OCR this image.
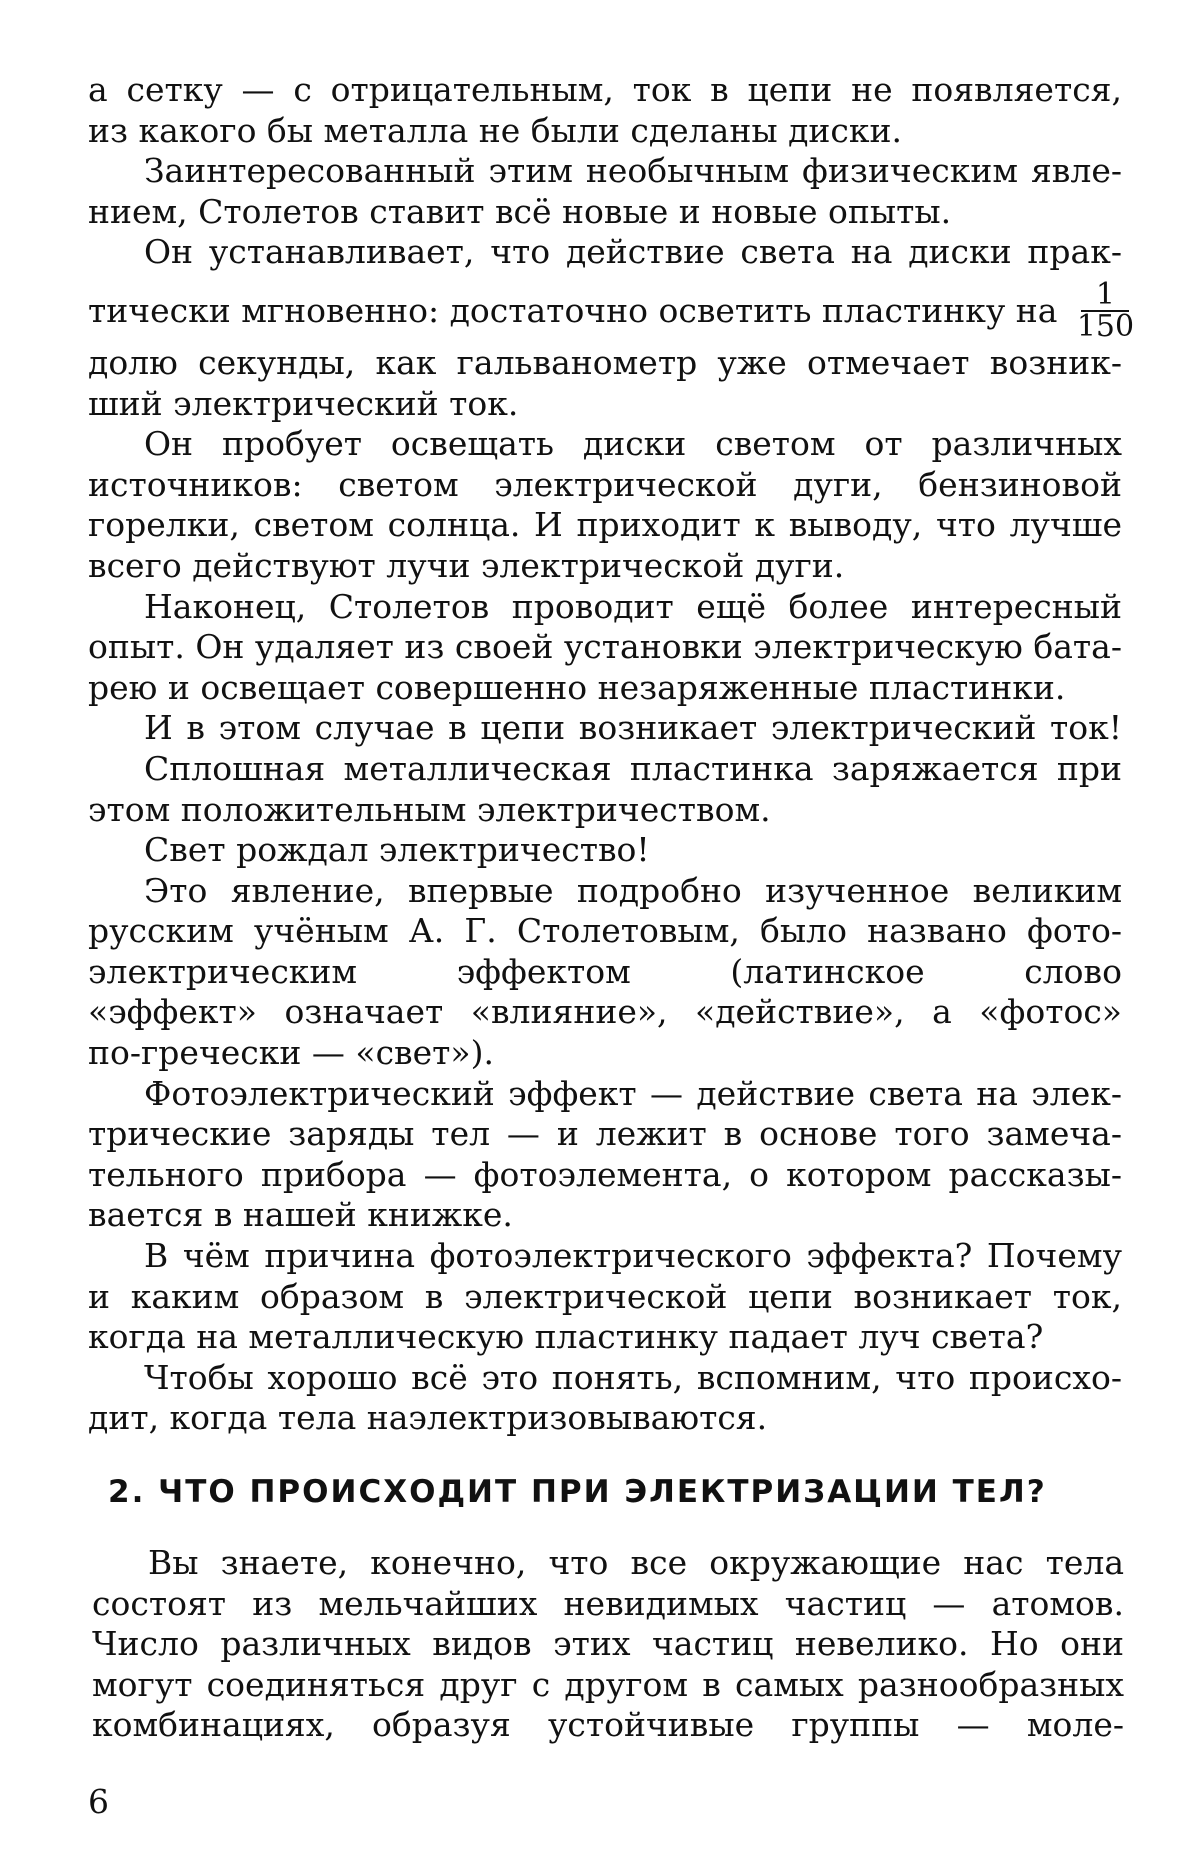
а сетку — с отрицательным, ток в цепи не появляется,
из какого бы металла не были сделаны диски.
Заинтересованный этим необычным физическим явле-
нием, Столетов ставит всё новые и новые опыты.
Он устанавливает, что действие света на диски прак-
тически мгновенно: достаточно осветить пластинку на $\frac{1}{150}$
долю секунды, как гальванометр уже отмечает возник-
ший электрический ток.
Он пробует освещать диски светом от различных
источников: светом электрической дуги, бензиновой
горелки, светом солнца. И приходит к выводу, что лучше
всего действуют лучи электрической дуги.
Наконец, Столетов проводит ещё более интересный
опыт. Он удаляет из своей установки электрическую бата-
рею и освещает совершенно незаряженные пластинки.
И в этом случае в цепи возникает электрический ток!
Сплошная металлическая пластинка заряжается при
этом положительным электричеством.
Свет рождал электричество!
Это явление, впервые подробно изученное великим
русским учёным А. Г. Столетовым, было названо фото-
электрическим эффектом (латинское слово
«эффект» означает «влияние», «действие», а «фотос»
по-гречески — «свет»).
Фотоэлектрический эффект — действие света на элек-
трические заряды тел — и лежит в основе того замеча-
тельного прибора — фотоэлемента, о котором рассказы-
вается в нашей книжке.
В чём причина фотоэлектрического эффекта? Почему
и каким образом в электрической цепи возникает ток,
когда на металлическую пластинку падает луч света?
Чтобы хорошо всё это понять, вспомним, что происхо-
дит, когда тела наэлектризовываются.
2. ЧТО ПРОИСХОДИТ ПРИ ЭЛЕКТРИЗАЦИИ ТЕЛ?
Вы знаете, конечно, что все окружающие нас тела
состоят из мельчайших невидимых частиц — атомов.
Число различных видов этих частиц невелико. Но они
могут соединяться друг с другом в самых разнообразных
комбинациях, образуя устойчивые группы — моле-
6
